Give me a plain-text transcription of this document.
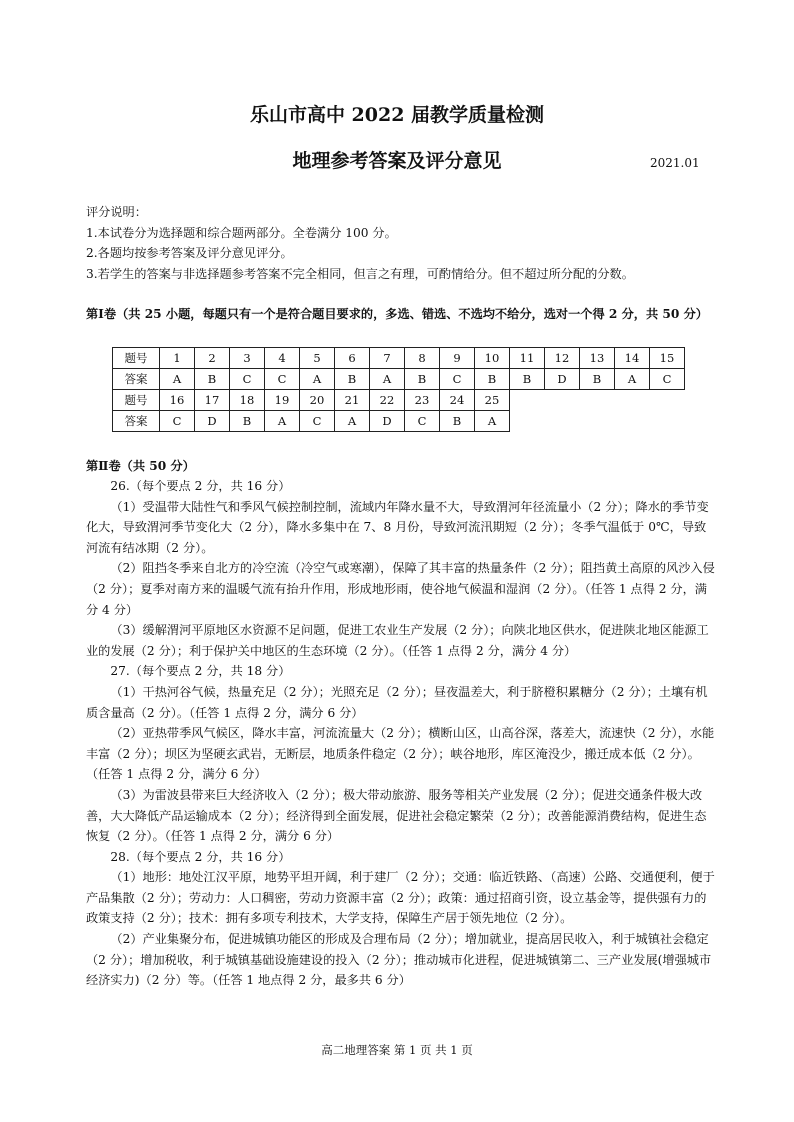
乐山市高中 2022 届教学质量检测
地理参考答案及评分意见	2021.01

评分说明：

1.本试卷分为选择题和综合题两部分。全卷满分 100 分。

2.各题均按参考答案及评分意见评分。

3.若学生的答案与非选择题参考答案不完全相同，但言之有理，可酌情给分。但不超过所分配的分数。

第Ⅰ卷（共 25 小题，每题只有一个是符合题目要求的，多选、错选、不选均不给分，选对一个得 2 分，共 50 分）
题号	1	2	3	4	5	6	7	8	9	10	11	12	13	14	15
答案	A	B	C	C	A	B	A	B	C	B	B	D	B	A	C
题号	16	17	18	19	20	21	22	23	24	25					
答案	C	D	B	A	C	A	D	C	B	A					
第Ⅱ卷（共 50 分）

26.（每个要点 2 分，共 16 分）

（1）受温带大陆性气和季风气候控制控制，流域内年降水量不大，导致渭河年径流量小（2 分）；降水的季节变化大，导致渭河季节变化大（2 分），降水多集中在 7、8 月份，导致河流汛期短（2 分）；冬季气温低于 0℃，导致河流有结冰期（2 分）。

（2）阻挡冬季来自北方的冷空流（冷空气或寒潮），保障了其丰富的热量条件（2 分）；阻挡黄土高原的风沙入侵（2 分）；夏季对南方来的温暖气流有抬升作用，形成地形雨，使谷地气候温和湿润（2 分）。（任答 1 点得 2 分，满分 4 分）

（3）缓解渭河平原地区水资源不足问题，促进工农业生产发展（2 分）；向陕北地区供水，促进陕北地区能源工业的发展（2 分）；利于保护关中地区的生态环境（2 分）。（任答 1 点得 2 分，满分 4 分）

27.（每个要点 2 分，共 18 分）

（1）干热河谷气候，热量充足（2 分）；光照充足（2 分）；昼夜温差大，利于脐橙积累糖分（2 分）；土壤有机质含量高（2 分）。（任答 1 点得 2 分，满分 6 分）

（2）亚热带季风气候区，降水丰富，河流流量大（2 分）；横断山区，山高谷深，落差大，流速快（2 分），水能丰富（2 分）；坝区为坚硬玄武岩，无断层，地质条件稳定（2 分）；峡谷地形，库区淹没少，搬迁成本低（2 分）。（任答 1 点得 2 分，满分 6 分）

（3）为雷波县带来巨大经济收入（2 分）；极大带动旅游、服务等相关产业发展（2 分）；促进交通条件极大改善，大大降低产品运输成本（2 分）；经济得到全面发展，促进社会稳定繁荣（2 分）；改善能源消费结构，促进生态恢复（2 分）。（任答 1 点得 2 分，满分 6 分）

28.（每个要点 2 分，共 16 分）

（1）地形：地处江汉平原，地势平坦开阔，利于建厂（2 分）；交通：临近铁路、（高速）公路、交通便利，便于产品集散（2 分）；劳动力：人口稠密，劳动力资源丰富（2 分）；政策：通过招商引资，设立基金等，提供强有力的政策支持（2 分）；技术：拥有多项专利技术，大学支持，保障生产居于领先地位（2 分）。

（2）产业集聚分布，促进城镇功能区的形成及合理布局（2 分）；增加就业，提高居民收入，利于城镇社会稳定（2 分）；增加税收，利于城镇基础设施建设的投入（2 分）；推动城市化进程，促进城镇第二、三产业发展(增强城市经济实力)（2 分）等。（任答 1 地点得 2 分，最多共 6 分）

高二地理答案 第 1 页 共 1 页
